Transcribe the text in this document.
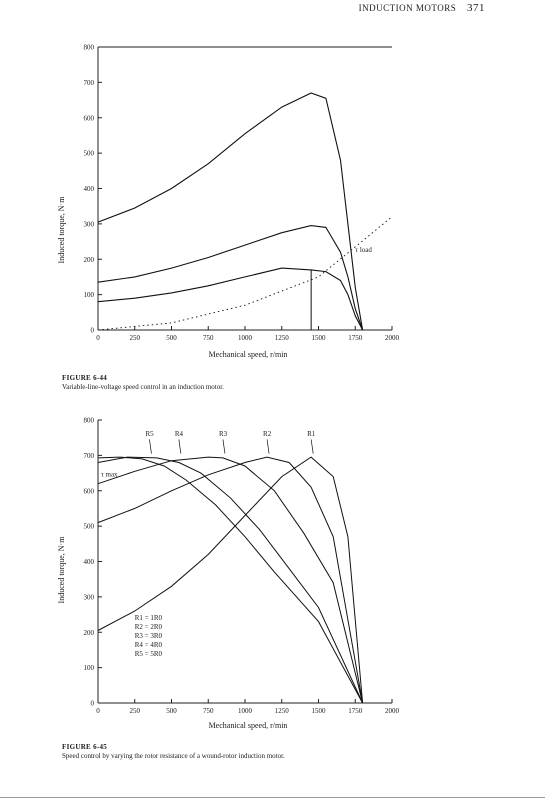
INDUCTION MOTORS 371
0	250	500	750	1000	1250	1500	1750	2000
0
100
200
300
400
500
600
700
800
τ load
Induced torque, N·m
Mechanical speed, r/min
FIGURE 6-44
Variable-line-voltage speed control in an induction motor.
0	250	500	750	1000	1250	1500	1750	2000
0
100
200
300
400
500
600
700
800
R1
R2
R3
R4
R5
τ max
R1 = 1R0
R2 = 2R0
R3 = 3R0
R4 = 4R0
R5 = 5R0
Induced torque, N·m
Mechanical speed, r/min
FIGURE 6-45
Speed control by varying the rotor resistance of a wound-rotor induction motor.
